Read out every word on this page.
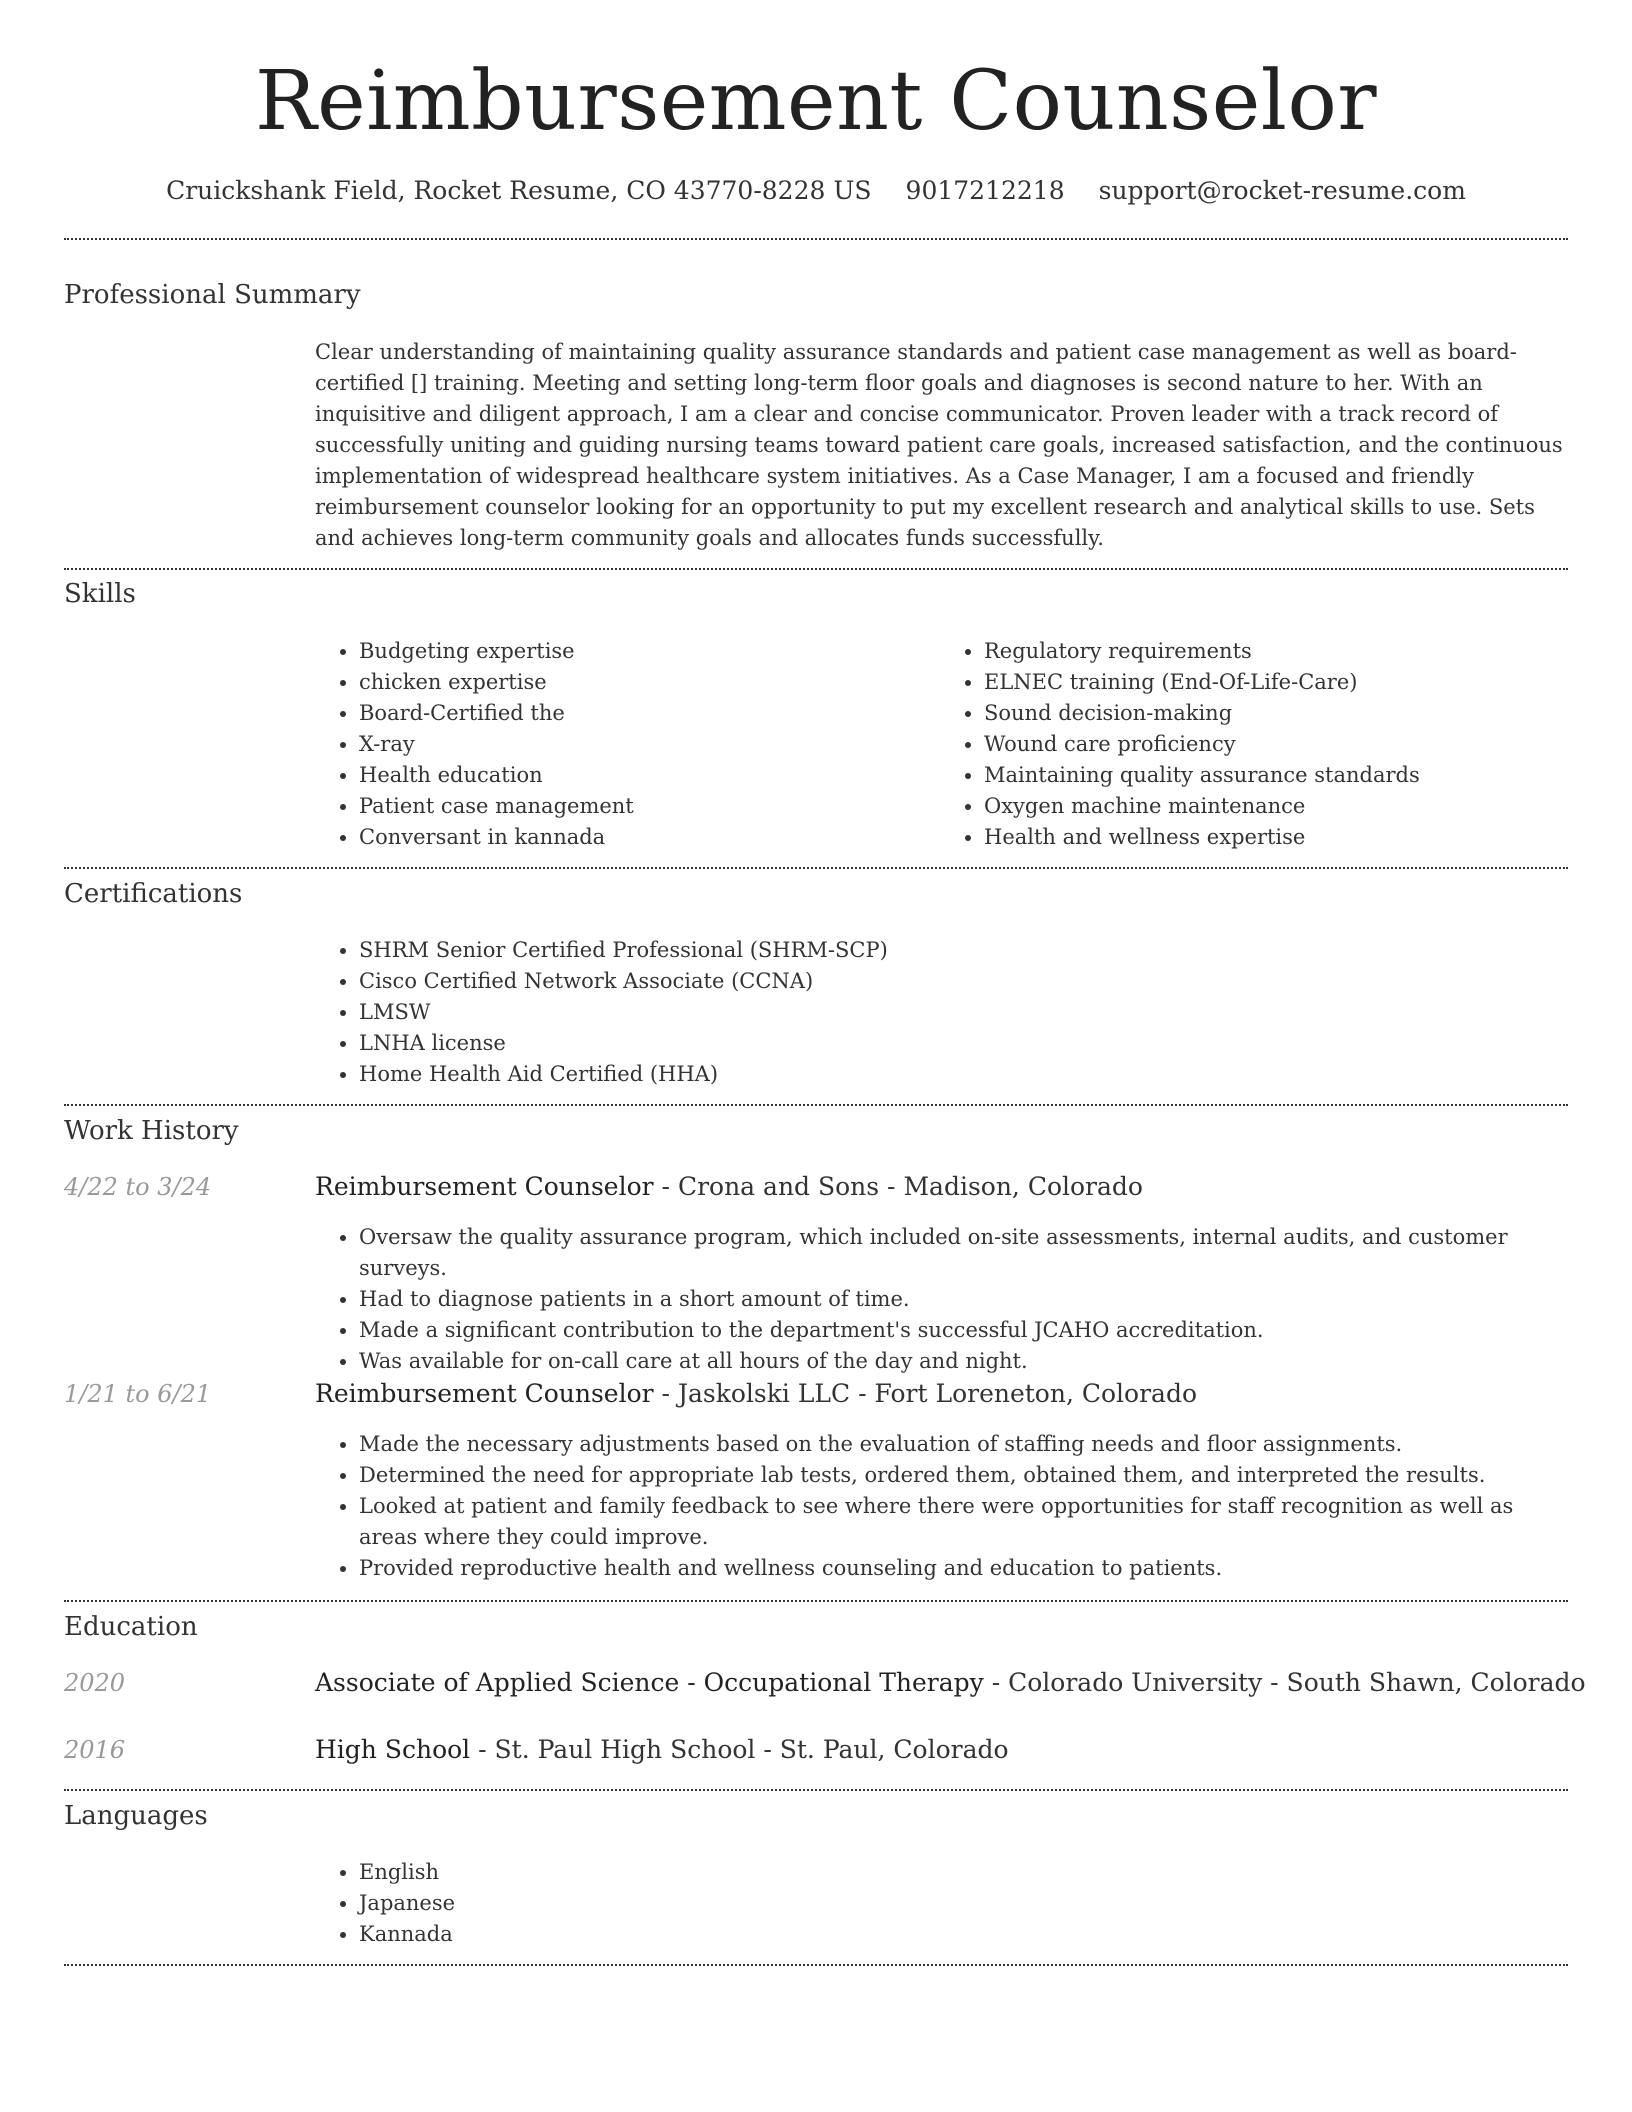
Reimbursement Counselor
Cruickshank Field, Rocket Resume, CO 43770-8228 US 9017212218 support@rocket-resume.com
Professional Summary

Clear understanding of maintaining quality assurance standards and patient case management as well as board-certified [] training. Meeting and setting long-term floor goals and diagnoses is second nature to her. With an inquisitive and diligent approach, I am a clear and concise communicator. Proven leader with a track record of successfully uniting and guiding nursing teams toward patient care goals, increased satisfaction, and the continuous implementation of widespread healthcare system initiatives. As a Case Manager, I am a focused and friendly reimbursement counselor looking for an opportunity to put my excellent research and analytical skills to use. Sets and achieves long-term community goals and allocates funds successfully.

Skills
• Budgeting expertise
• chicken expertise
• Board-Certified the
• X-ray
• Health education
• Patient case management
• Conversant in kannada
• Regulatory requirements
• ELNEC training (End-Of-Life-Care)
• Sound decision-making
• Wound care proficiency
• Maintaining quality assurance standards
• Oxygen machine maintenance
• Health and wellness expertise
Certifications
• SHRM Senior Certified Professional (SHRM-SCP)
• Cisco Certified Network Associate (CCNA)
• LMSW
• LNHA license
• Home Health Aid Certified (HHA)
Work History
4/22 to 3/24	Reimbursement Counselor - Crona and Sons - Madison, Colorado
• Oversaw the quality assurance program, which included on-site assessments, internal audits, and customer surveys.
• Had to diagnose patients in a short amount of time.
• Made a significant contribution to the department's successful JCAHO accreditation.
• Was available for on-call care at all hours of the day and night.
1/21 to 6/21	Reimbursement Counselor - Jaskolski LLC - Fort Loreneton, Colorado
• Made the necessary adjustments based on the evaluation of staffing needs and floor assignments.
• Determined the need for appropriate lab tests, ordered them, obtained them, and interpreted the results.
• Looked at patient and family feedback to see where there were opportunities for staff recognition as well as areas where they could improve.
• Provided reproductive health and wellness counseling and education to patients.
Education
2020	Associate of Applied Science - Occupational Therapy - Colorado University - South Shawn, Colorado
2016	High School - St. Paul High School - St. Paul, Colorado
Languages
• English
• Japanese
• Kannada
